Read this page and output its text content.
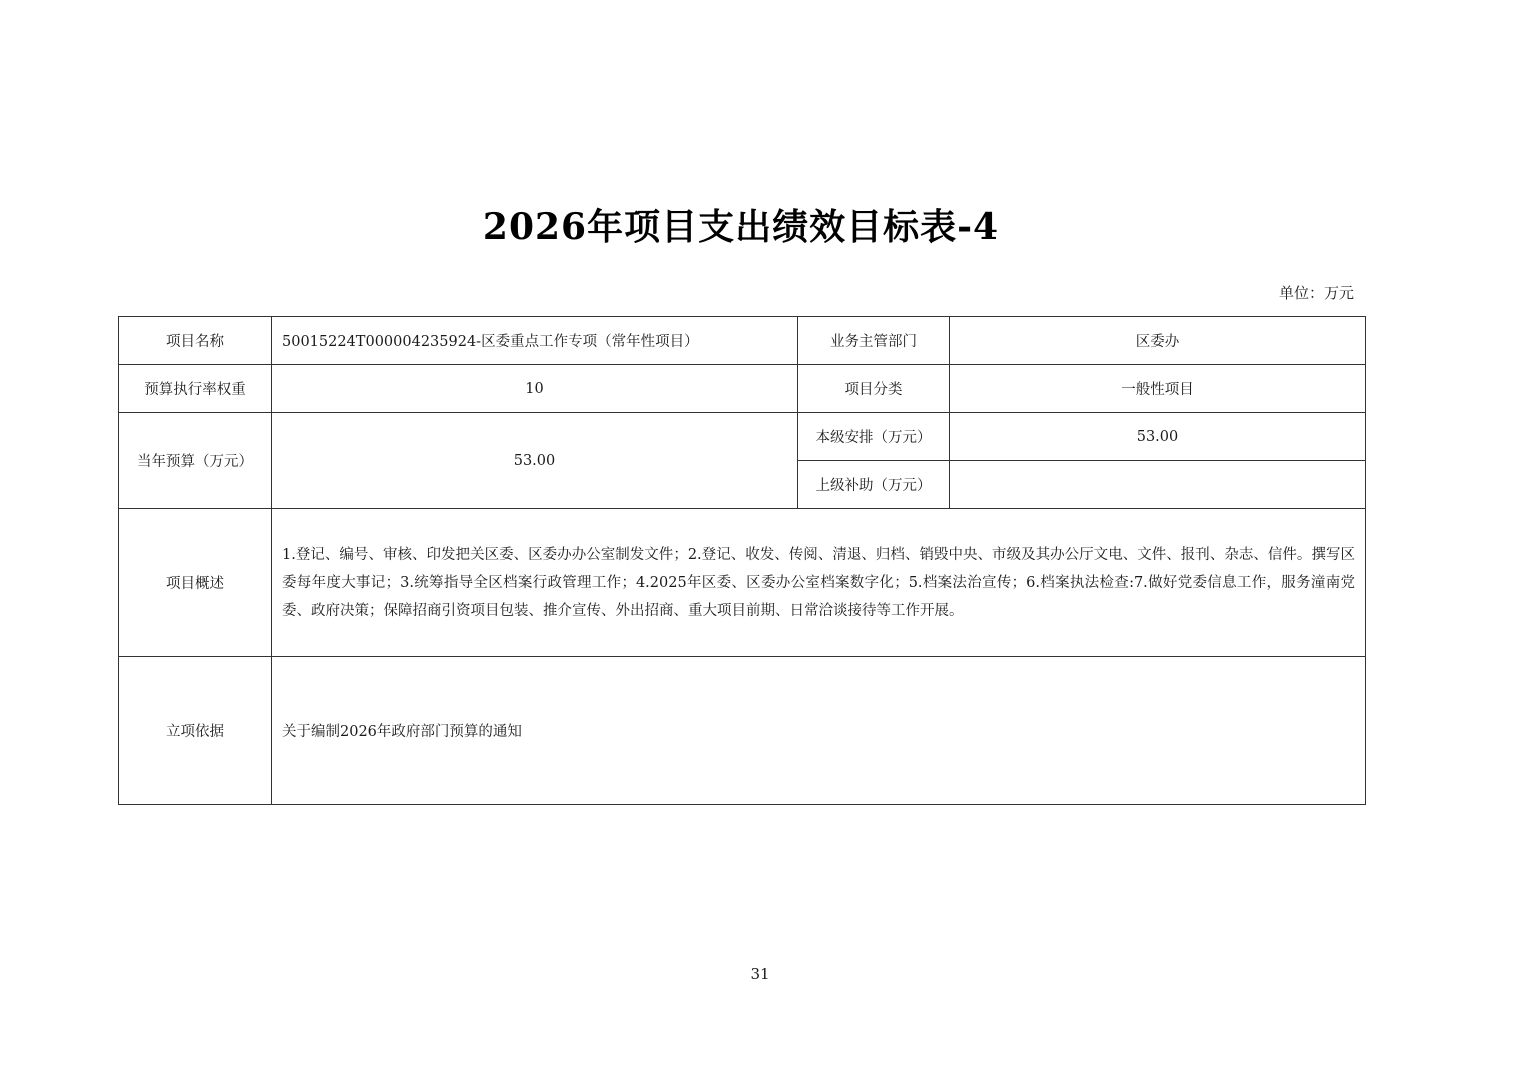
2026年项目支出绩效目标表-4
单位：万元
项目名称	50015224T000004235924-区委重点工作专项（常年性项目）	业务主管部门	区委办
预算执行率权重	10	项目分类	一般性项目
当年预算（万元）	53.00	本级安排（万元）	53.00
		上级补助（万元）	
项目概述	1.登记、编号、审核、印发把关区委、区委办办公室制发文件；2.登记、收发、传阅、清退、归档、销毁中央、市级及其办公厅文电、文件、报刊、杂志、信件。撰写区委每年度大事记；3.统筹指导全区档案行政管理工作；4.2025年区委、区委办公室档案数字化；5.档案法治宣传；6.档案执法检查:7.做好党委信息工作，服务潼南党委、政府决策；保障招商引资项目包装、推介宣传、外出招商、重大项目前期、日常洽谈接待等工作开展。		
立项依据	关于编制2026年政府部门预算的通知		
31
